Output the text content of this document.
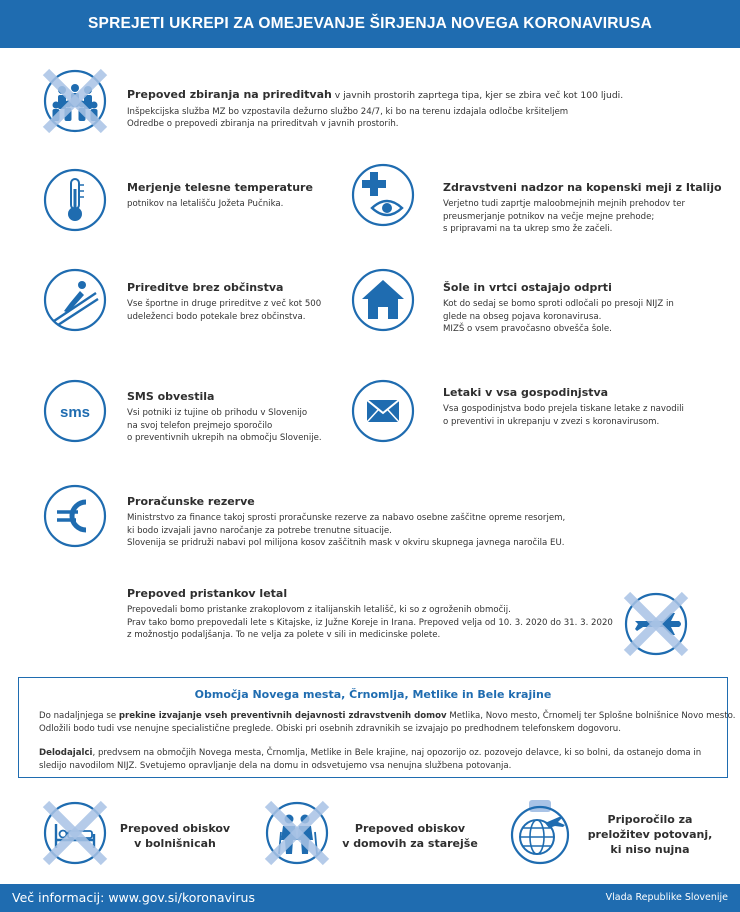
SPREJETI UKREPI ZA OMEJEVANJE ŠIRJENJA NOVEGA KORONAVIRUSA
Prepoved zbiranja na prireditvah v javnih prostorih zaprtega tipa, kjer se zbira več kot 100 ljudi.
Inšpekcijska služba MZ bo vzpostavila dežurno službo 24/7, ki bo na terenu izdajala odločbe kršiteljem
Odredbe o prepovedi zbiranja na prireditvah v javnih prostorih.
Merjenje telesne temperature
potnikov na letališču Jožeta Pučnika.
Zdravstveni nadzor na kopenski meji z Italijo
Verjetno tudi zaprtje maloobmejnih mejnih prehodov ter
preusmerjanje potnikov na večje mejne prehode;
s pripravami na ta ukrep smo že začeli.
Prireditve brez občinstva
Vse športne in druge prireditve z več kot 500
udeleženci bodo potekale brez občinstva.
Šole in vrtci ostajajo odprti
Kot do sedaj se bomo sproti odločali po presoji NIJZ in
glede na obseg pojava koronavirusa.
MIZŠ o vsem pravočasno obvešča šole.
sms
SMS obvestila
Vsi potniki iz tujine ob prihodu v Slovenijo
na svoj telefon prejmejo sporočilo
o preventivnih ukrepih na območju Slovenije.
Letaki v vsa gospodinjstva
Vsa gospodinjstva bodo prejela tiskane letake z navodili
o preventivi in ukrepanju v zvezi s koronavirusom.
Proračunske rezerve
Ministrstvo za finance takoj sprosti proračunske rezerve za nabavo osebne zaščitne opreme resorjem,
ki bodo izvajali javno naročanje za potrebe trenutne situacije.
Slovenija se pridruži nabavi pol milijona kosov zaščitnih mask v okviru skupnega javnega naročila EU.
Prepoved pristankov letal
Prepovedali bomo pristanke zrakoplovom z italijanskih letališč, ki so z ogroženih območij.
Prav tako bomo prepovedali lete s Kitajske, iz Južne Koreje in Irana. Prepoved velja od 10. 3. 2020 do 31. 3. 2020
z možnostjo podaljšanja. To ne velja za polete v sili in medicinske polete.
Območja Novega mesta, Črnomlja, Metlike in Bele krajine
Do nadaljnjega se prekine izvajanje vseh preventivnih dejavnosti zdravstvenih domov Metlika, Novo mesto, Črnomelj ter Splošne bolnišnice Novo mesto.
Odložili bodo tudi vse nenujne specialistične preglede. Obiski pri osebnih zdravnikih se izvajajo po predhodnem telefonskem dogovoru.
Delodajalci, predvsem na območjih Novega mesta, Črnomlja, Metlike in Bele krajine, naj opozorijo oz. pozovejo delavce, ki so bolni, da ostanejo doma in
sledijo navodilom NIJZ. Svetujemo opravljanje dela na domu in odsvetujemo vsa nenujna službena potovanja.
Prepoved obiskov
v bolnišnicah
Prepoved obiskov
v domovih za starejše
Priporočilo za
preložitev potovanj,
ki niso nujna
Več informacij: www.gov.si/koronavirus	Vlada Republike Slovenije
